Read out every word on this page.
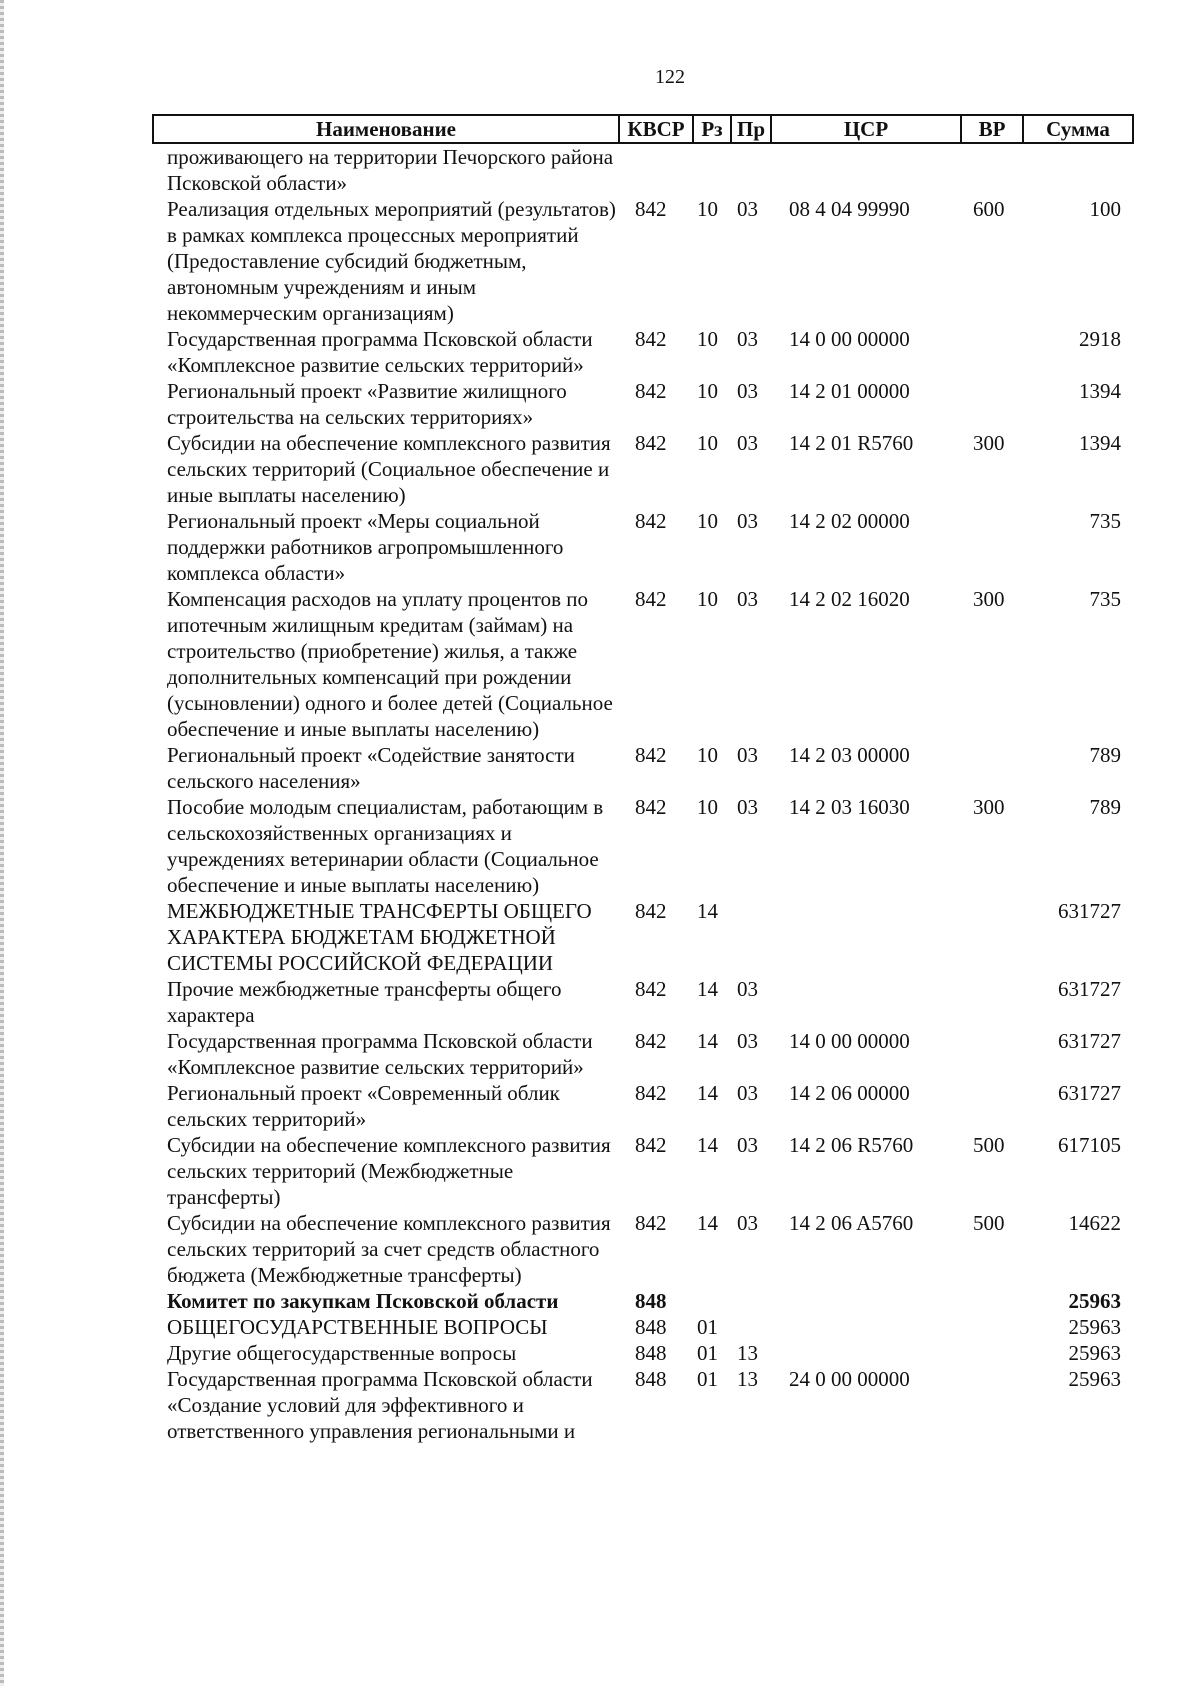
122
Наименование	КВСР	Рз	Пр	ЦСР	ВР	Сумма
проживающего на территории Печорского района Псковской области»						
Реализация отдельных мероприятий (результатов) в рамках комплекса процессных мероприятий (Предоставление субсидий бюджетным, автономным учреждениям и иным некоммерческим организациям)	842	10	03	08 4 04 99990	600	100
Государственная программа Псковской области «Комплексное развитие сельских территорий»	842	10	03	14 0 00 00000		2918
Региональный проект «Развитие жилищного строительства на сельских территориях»	842	10	03	14 2 01 00000		1394
Субсидии на обеспечение комплексного развития сельских территорий (Социальное обеспечение и иные выплаты населению)	842	10	03	14 2 01 R5760	300	1394
Региональный проект «Меры социальной поддержки работников агропромышленного комплекса области»	842	10	03	14 2 02 00000		735
Компенсация расходов на уплату процентов по ипотечным жилищным кредитам (займам) на строительство (приобретение) жилья, а также дополнительных компенсаций при рождении (усыновлении) одного и более детей (Социальное обеспечение и иные выплаты населению)	842	10	03	14 2 02 16020	300	735
Региональный проект «Содействие занятости сельского населения»	842	10	03	14 2 03 00000		789
Пособие молодым специалистам, работающим в сельскохозяйственных организациях и учреждениях ветеринарии области (Социальное обеспечение и иные выплаты населению)	842	10	03	14 2 03 16030	300	789
МЕЖБЮДЖЕТНЫЕ ТРАНСФЕРТЫ ОБЩЕГО ХАРАКТЕРА БЮДЖЕТАМ БЮДЖЕТНОЙ СИСТЕМЫ РОССИЙСКОЙ ФЕДЕРАЦИИ	842	14				631727
Прочие межбюджетные трансферты общего характера	842	14	03			631727
Государственная программа Псковской области «Комплексное развитие сельских территорий»	842	14	03	14 0 00 00000		631727
Региональный проект «Современный облик сельских территорий»	842	14	03	14 2 06 00000		631727
Субсидии на обеспечение комплексного развития сельских территорий (Межбюджетные трансферты)	842	14	03	14 2 06 R5760	500	617105
Субсидии на обеспечение комплексного развития сельских территорий за счет средств областного бюджета (Межбюджетные трансферты)	842	14	03	14 2 06 A5760	500	14622
Комитет по закупкам Псковской области	848					25963
ОБЩЕГОСУДАРСТВЕННЫЕ ВОПРОСЫ	848	01				25963
Другие общегосударственные вопросы	848	01	13			25963
Государственная программа Псковской области «Создание условий для эффективного и ответственного управления региональными и	848	01	13	24 0 00 00000		25963
